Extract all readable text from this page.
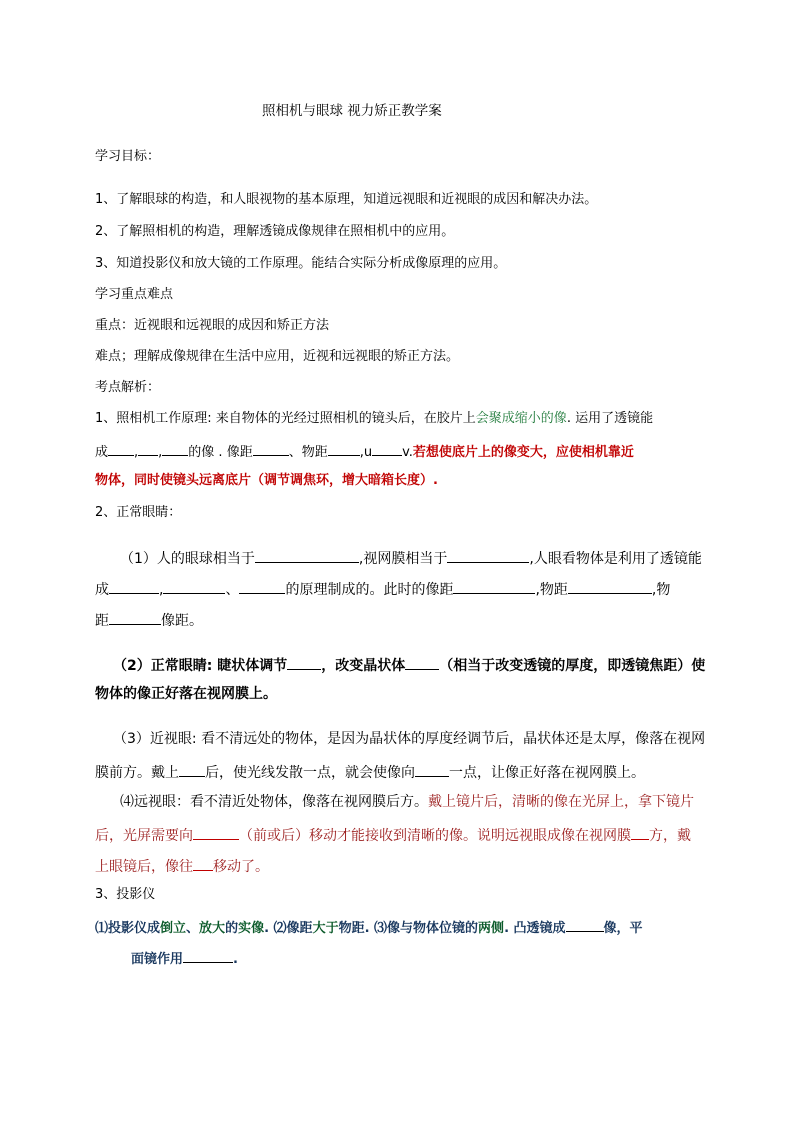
照相机与眼球 视力矫正教学案
学习目标：
1、了解眼球的构造，和人眼视物的基本原理，知道远视眼和近视眼的成因和解决办法。
2、了解照相机的构造，理解透镜成像规律在照相机中的应用。
3、知道投影仪和放大镜的工作原理。能结合实际分析成像原理的应用。
学习重点难点
重点：近视眼和远视眼的成因和矫正方法
难点；理解成像规律在生活中应用，近视和远视眼的矫正方法。
考点解析：
1、照相机工作原理: 来自物体的光经过照相机的镜头后，在胶片上会聚成缩小的像. 运用了透镜能
成 , , 的像 . 像距	、物距 ,u v.若想使底片上的像变大，应使相机靠近
物体，同时使镜头远离底片（调节调焦环，增大暗箱长度）.
2、正常眼睛：
（1）人的眼球相当于	,视网膜相当于	,人眼看物体是利用了透镜能
成	,	、	的原理制成的。此时的像距	,物距	,物
距	像距。
（2）正常眼睛: 睫状体调节 ，改变晶状体 （相当于改变透镜的厚度，即透镜焦距）使
物体的像正好落在视网膜上。
（3）近视眼: 看不清远处的物体，是因为晶状体的厚度经调节后，晶状体还是太厚，像落在视网
膜前方。戴上 后，使光线发散一点，就会使像向 一点，让像正好落在视网膜上。
⑷远视眼：看不清近处物体，像落在视网膜后方。戴上镜片后，清晰的像在光屏上，拿下镜片
后，光屏需要向	（前或后）移动才能接收到清晰的像。说明远视眼成像在视网膜 方，戴
上眼镜后，像往 移动了。
3、投影仪
⑴投影仪成倒立、放大的实像. ⑵像距大于物距. ⑶像与物体位镜的两侧. 凸透镜成	像，平
面镜作用	.
